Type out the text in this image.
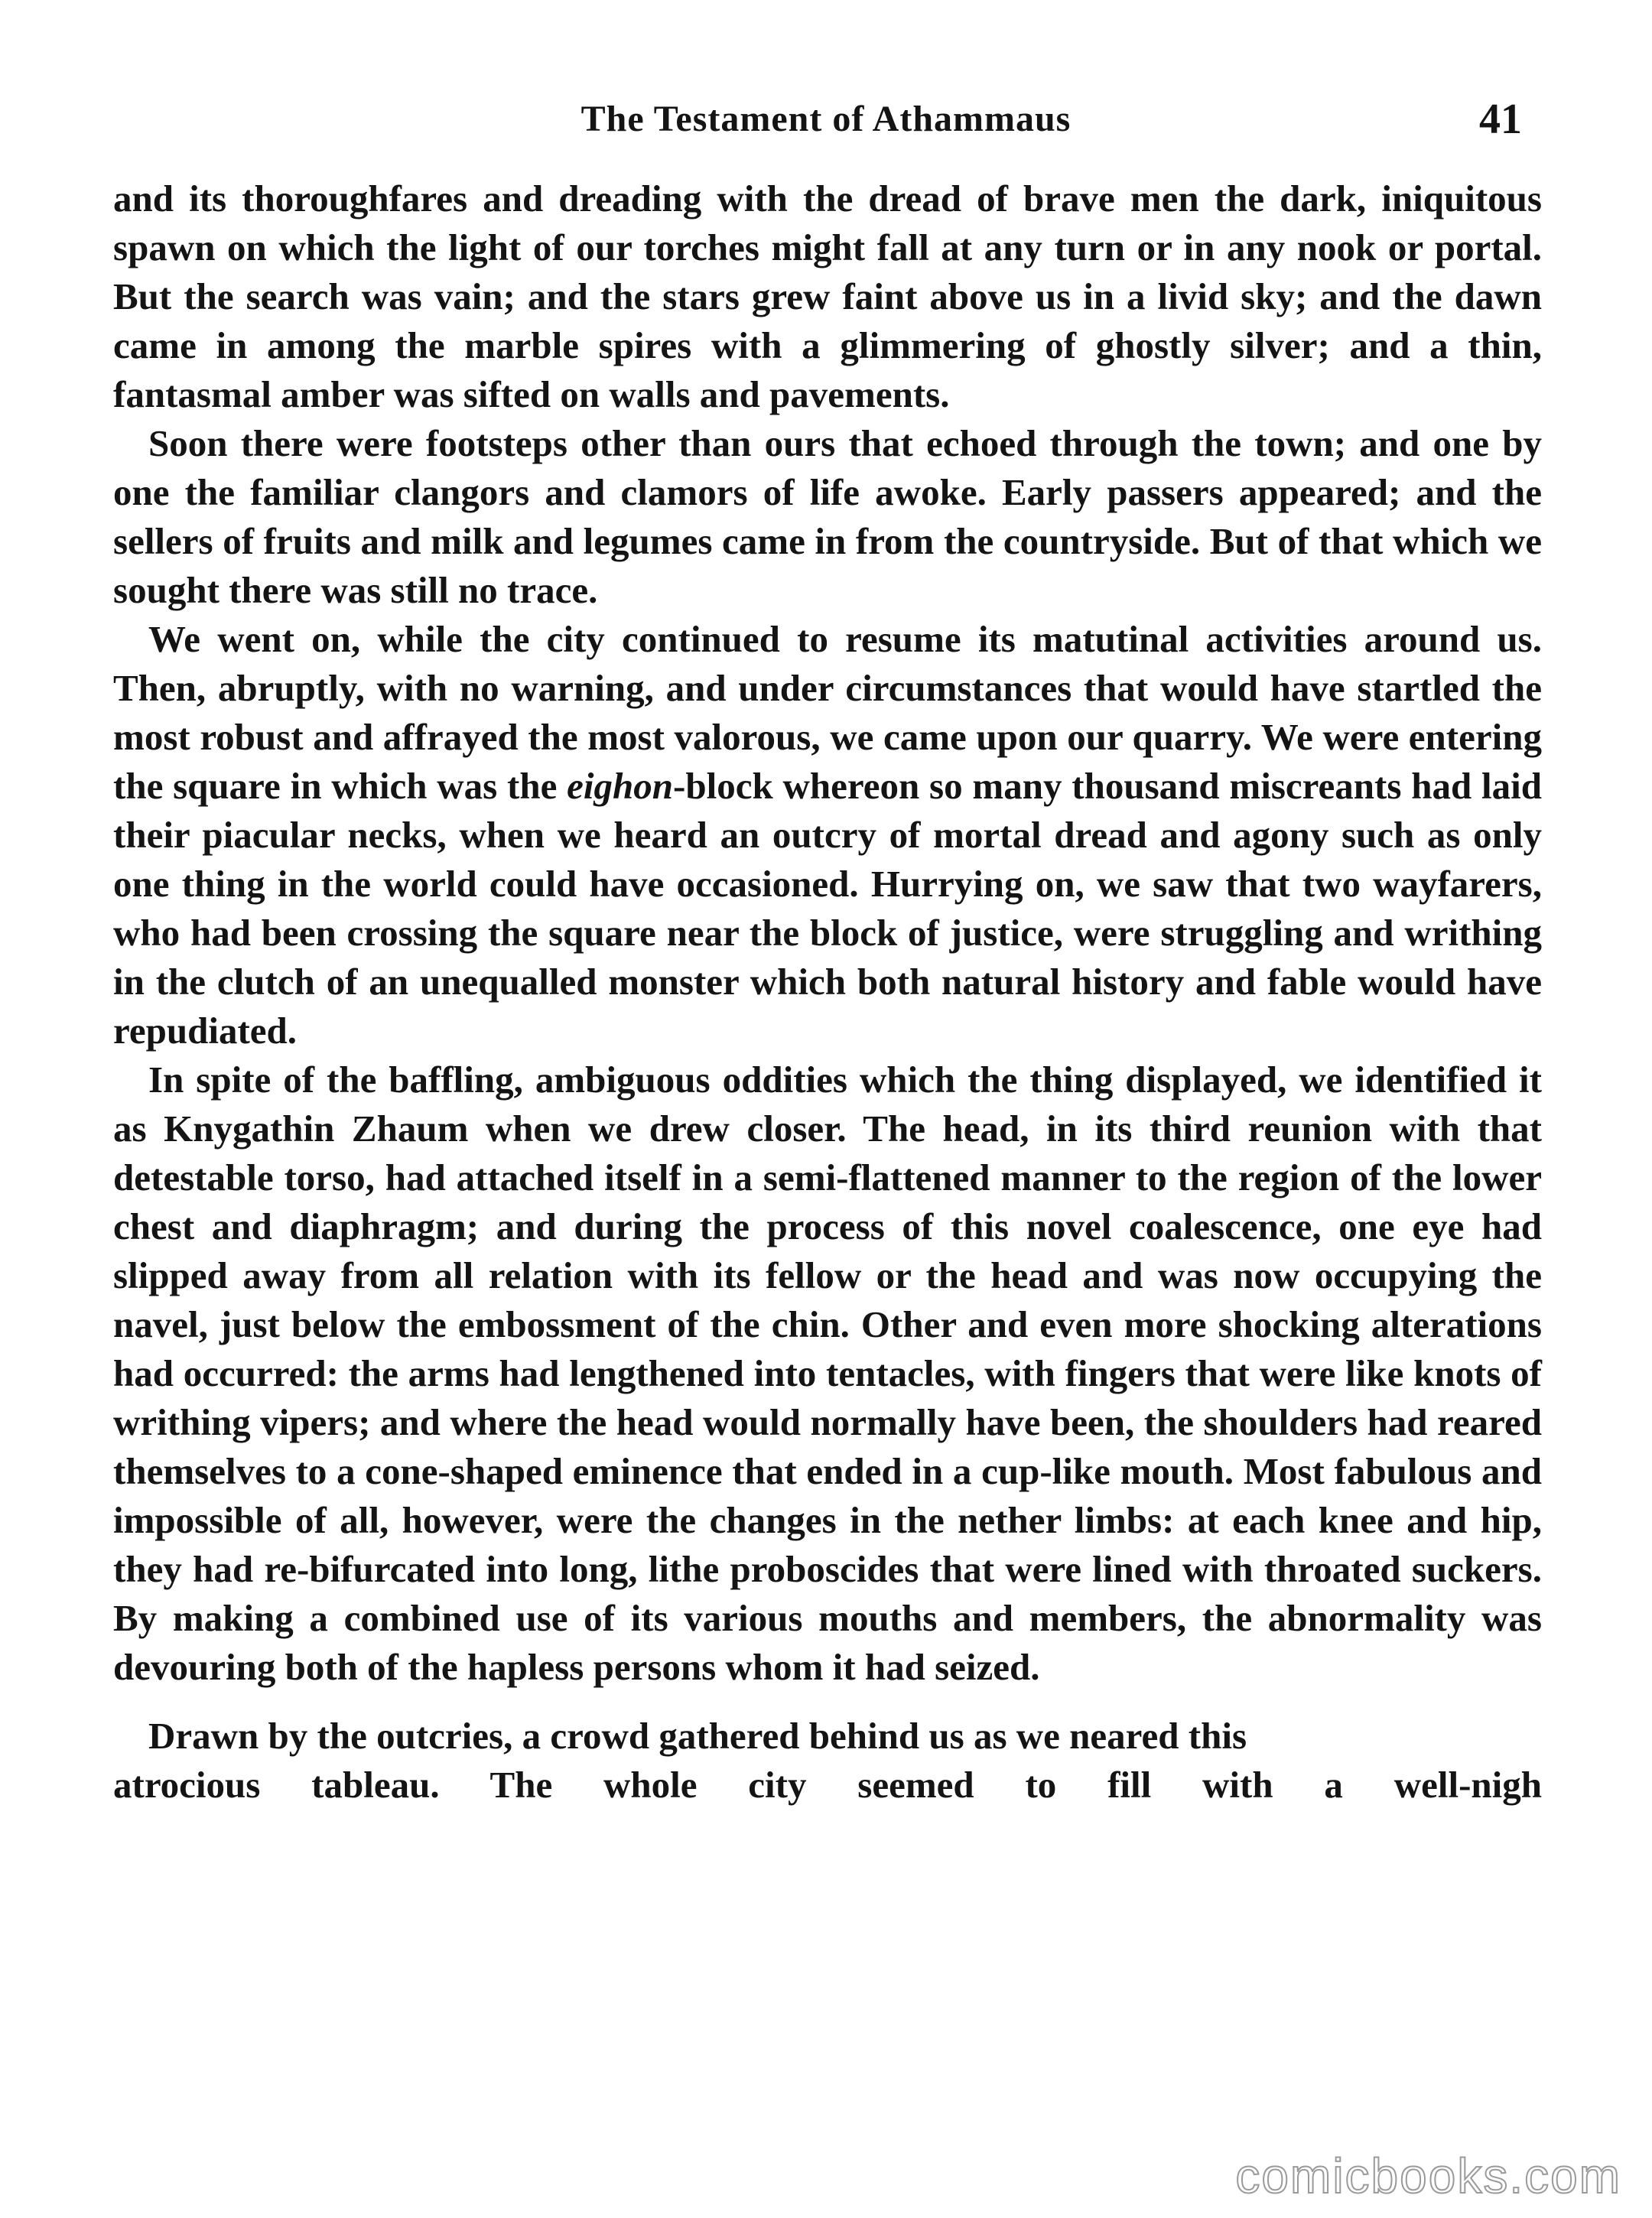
The Testament of Athammaus	41

and its thoroughfares and dreading with the dread of brave men the dark, iniquitous spawn on which the light of our torches might fall at any turn or in any nook or portal. But the search was vain; and the stars grew faint above us in a livid sky; and the dawn came in among the marble spires with a glimmering of ghostly silver; and a thin, fantasmal amber was sifted on walls and pavements.

Soon there were footsteps other than ours that echoed through the town; and one by one the familiar clangors and clamors of life awoke. Early passers appeared; and the sellers of fruits and milk and legumes came in from the countryside. But of that which we sought there was still no trace.

We went on, while the city continued to resume its matutinal activities around us. Then, abruptly, with no warning, and under circumstances that would have startled the most robust and affrayed the most valorous, we came upon our quarry. We were entering the square in which was the eighon-block whereon so many thousand miscreants had laid their piacular necks, when we heard an outcry of mortal dread and agony such as only one thing in the world could have occasioned. Hurrying on, we saw that two wayfarers, who had been crossing the square near the block of justice, were struggling and writhing in the clutch of an unequalled monster which both natural history and fable would have repudiated.

In spite of the baffling, ambiguous oddities which the thing displayed, we identified it as Knygathin Zhaum when we drew closer. The head, in its third reunion with that detestable torso, had attached itself in a semi-flattened manner to the region of the lower chest and diaphragm; and during the process of this novel coalescence, one eye had slipped away from all relation with its fellow or the head and was now occupying the navel, just below the embossment of the chin. Other and even more shocking alterations had occurred: the arms had lengthened into tentacles, with fingers that were like knots of writhing vipers; and where the head would normally have been, the shoulders had reared themselves to a cone-shaped eminence that ended in a cup-like mouth. Most fabulous and impossible of all, however, were the changes in the nether limbs: at each knee and hip, they had re-bifurcated into long, lithe proboscides that were lined with throated suckers. By making a combined use of its various mouths and members, the abnormality was devouring both of the hapless persons whom it had seized.

Drawn by the outcries, a crowd gathered behind us as we neared this
atrocious tableau. The whole city seemed to fill with a well-nigh

comicbooks.com
